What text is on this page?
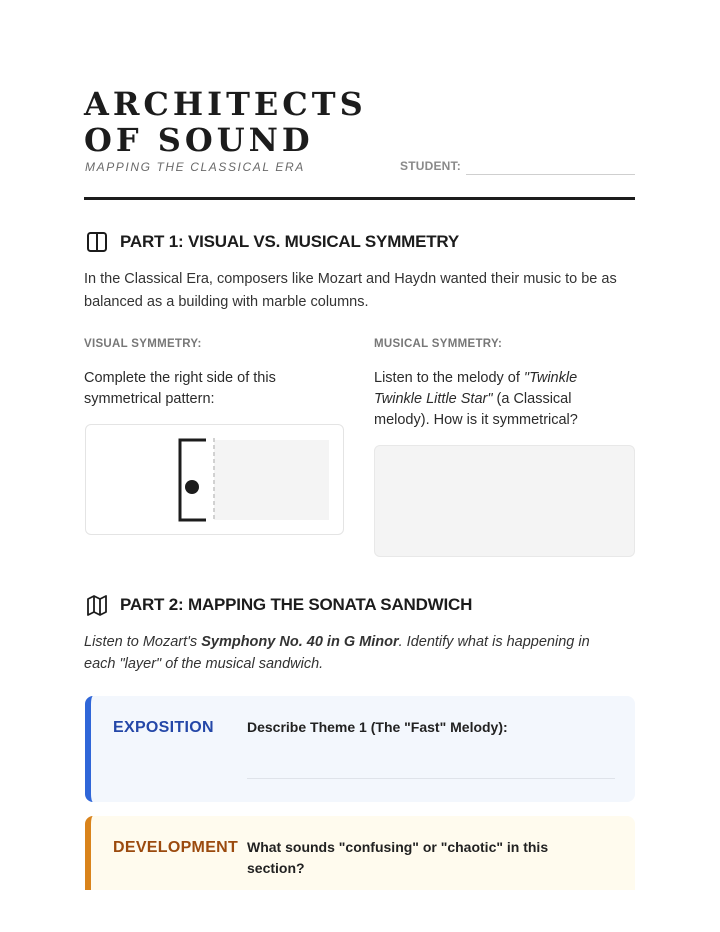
ARCHITECTS OF SOUND
MAPPING THE CLASSICAL ERA	STUDENT:
PART 1: VISUAL VS. MUSICAL SYMMETRY
In the Classical Era, composers like Mozart and Haydn wanted their music to be as balanced as a building with marble columns.
VISUAL SYMMETRY:	MUSICAL SYMMETRY:
Complete the right side of this symmetrical pattern:
Listen to the melody of "Twinkle Twinkle Little Star" (a Classical melody). How is it symmetrical?
PART 2: MAPPING THE SONATA SANDWICH
Listen to Mozart's Symphony No. 40 in G Minor. Identify what is happening in each "layer" of the musical sandwich.
EXPOSITION Describe Theme 1 (The "Fast" Melody):
DEVELOPMENT What sounds "confusing" or "chaotic" in this section?
